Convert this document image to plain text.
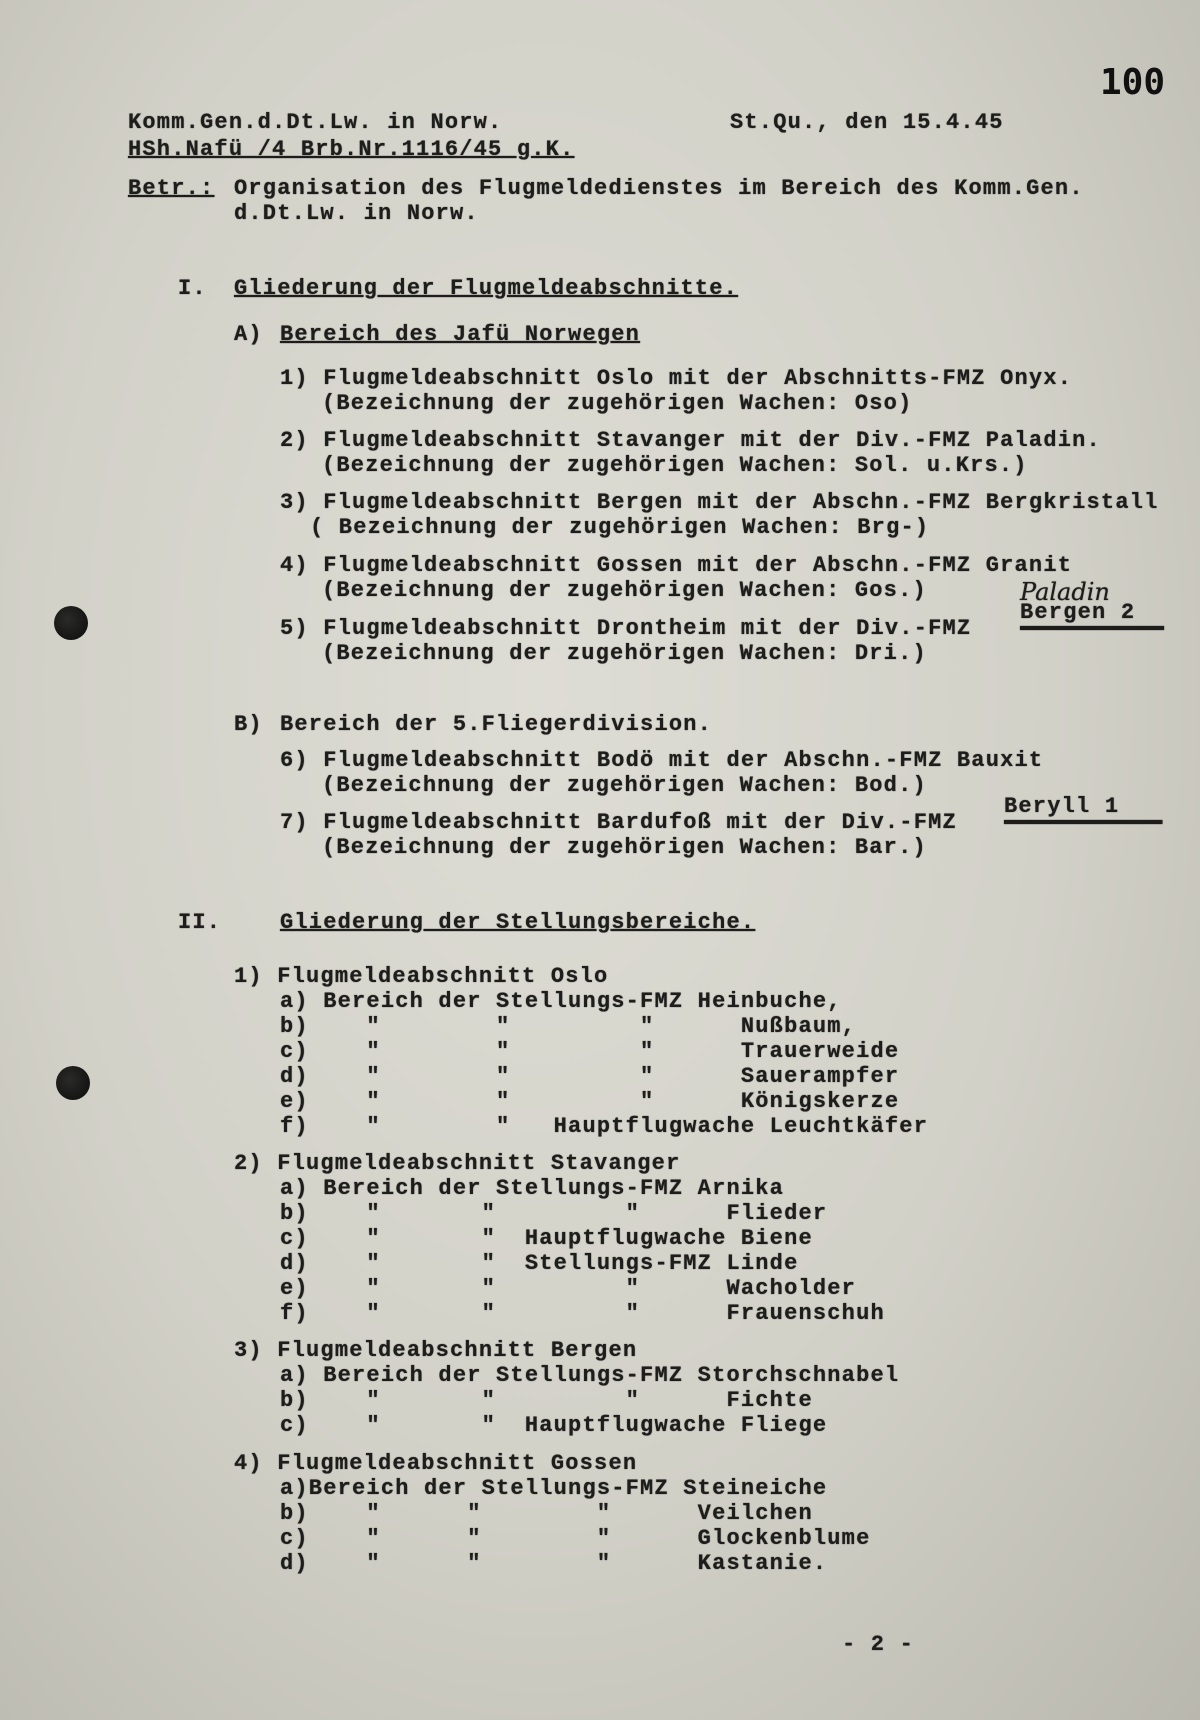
100
Komm.Gen.d.Dt.Lw. in Norw.
HSh.Nafü /4 Brb.Nr.1116/45 g.K.
St.Qu., den 15.4.45
Betr.: Organisation des Flugmeldedienstes im Bereich des Komm.Gen.
d.Dt.Lw. in Norw.
I. Gliederung der Flugmeldeabschnitte.
A) Bereich des Jafü Norwegen
1) Flugmeldeabschnitt Oslo mit der Abschnitts-FMZ Onyx.
(Bezeichnung der zugehörigen Wachen: Oso)
2) Flugmeldeabschnitt Stavanger mit der Div.-FMZ Paladin.
(Bezeichnung der zugehörigen Wachen: Sol. u.Krs.)
3) Flugmeldeabschnitt Bergen mit der Abschn.-FMZ Bergkristall
( Bezeichnung der zugehörigen Wachen: Brg-)
4) Flugmeldeabschnitt Gossen mit der Abschn.-FMZ Granit
(Bezeichnung der zugehörigen Wachen: Gos.)	Paladin
Bergen 2
5) Flugmeldeabschnitt Drontheim mit der Div.-FMZ

(Bezeichnung der zugehörigen Wachen: Dri.)
B) Bereich der 5.Fliegerdivision.
6) Flugmeldeabschnitt Bodö mit der Abschn.-FMZ Bauxit
(Bezeichnung der zugehörigen Wachen: Bod.)
Beryll 1
7) Flugmeldeabschnitt Bardufoß mit der Div.-FMZ

(Bezeichnung der zugehörigen Wachen: Bar.)
II.	Gliederung der Stellungsbereiche.
1) Flugmeldeabschnitt Oslo
a) Bereich der Stellungs-FMZ Heinbuche,
b)    "        "         "      Nußbaum,
c)    "        "         "      Trauerweide
d)    "        "         "      Sauerampfer
e)    "        "         "      Königskerze
f)    "        "   Hauptflugwache Leuchtkäfer
2) Flugmeldeabschnitt Stavanger
a) Bereich der Stellungs-FMZ Arnika
b)    "       "         "      Flieder
c)    "       "  Hauptflugwache Biene
d)    "       "  Stellungs-FMZ Linde
e)    "       "         "      Wacholder
f)    "       "         "      Frauenschuh
3) Flugmeldeabschnitt Bergen
a) Bereich der Stellungs-FMZ Storchschnabel
b)    "       "         "      Fichte
c)    "       "  Hauptflugwache Fliege
4) Flugmeldeabschnitt Gossen
a)Bereich der Stellungs-FMZ Steineiche
b)    "      "        "      Veilchen
c)    "      "        "      Glockenblume
d)    "      "        "      Kastanie.
- 2 -
